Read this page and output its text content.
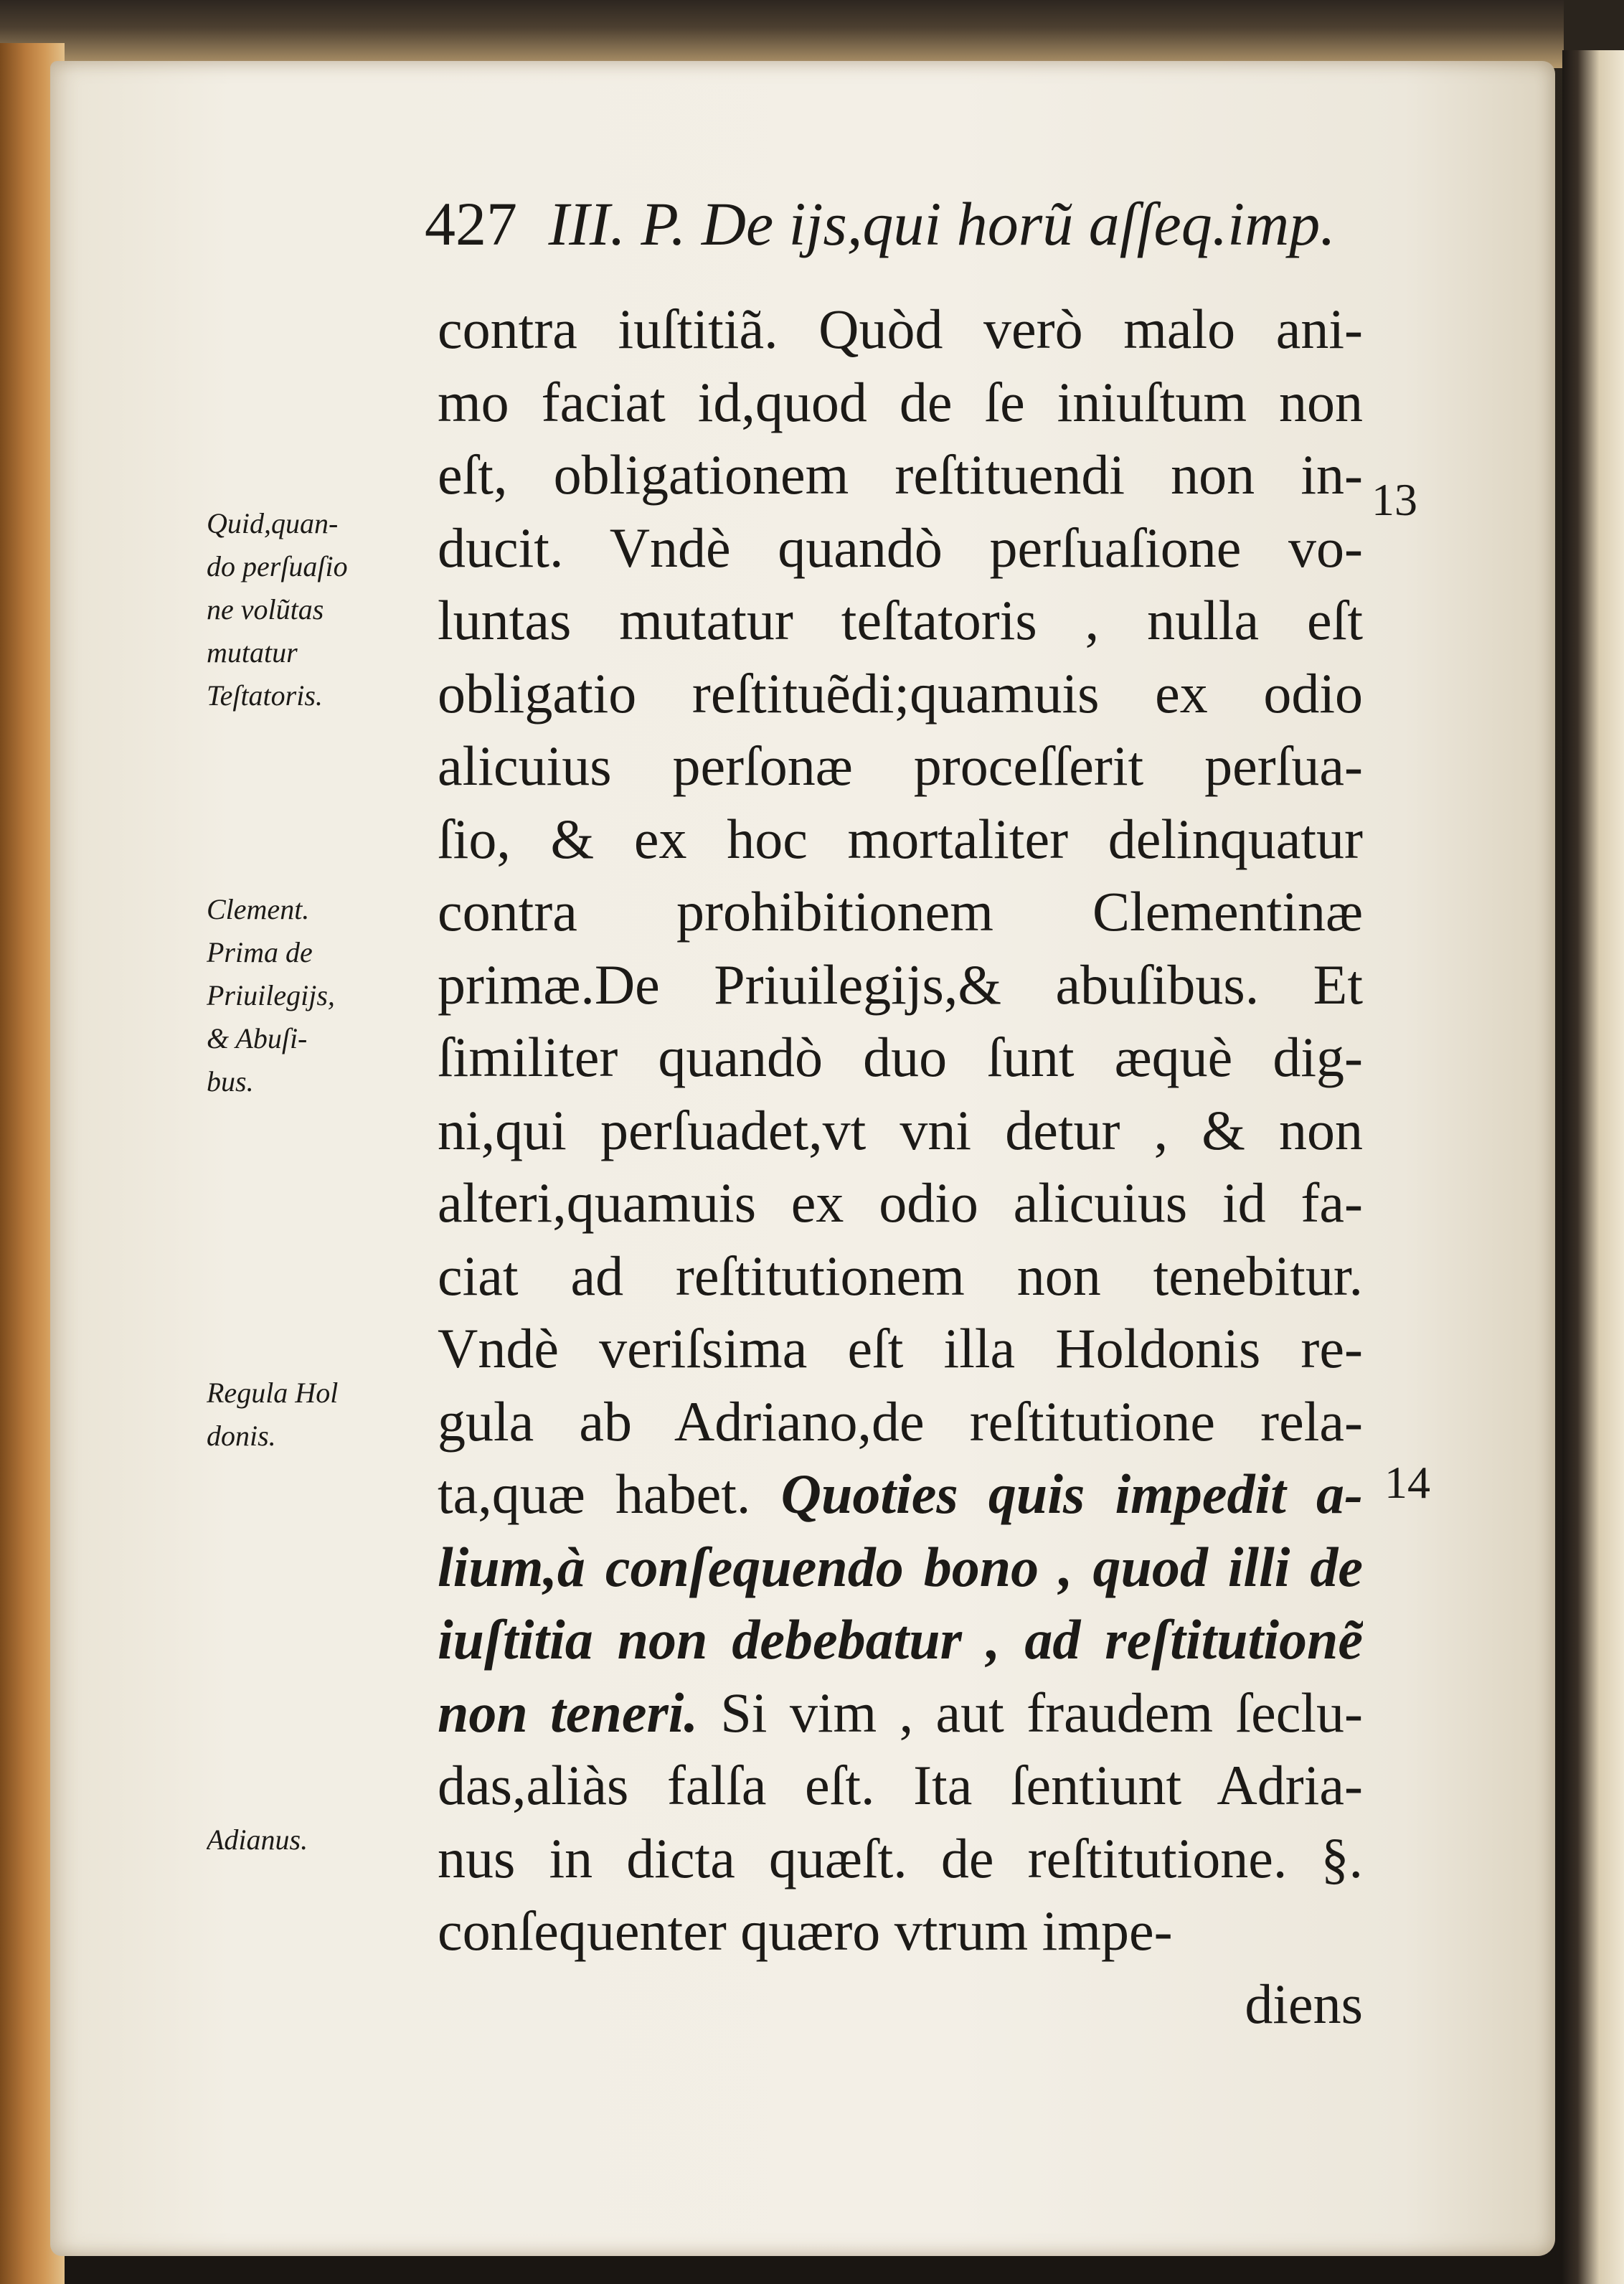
427 III. P. De ijs,qui horũ aſſeq.imp.
contra iuſtitiã. Quòd verò malo ani-
mo faciat id,quod de ſe iniuſtum non
eſt, obligationem reſtituendi non in-
ducit. Vndè quandò perſuaſione vo-
luntas mutatur teſtatoris , nulla eſt
obligatio reſtituẽdi;quamuis ex odio
alicuius perſonæ proceſſerit perſua-
ſio, & ex hoc mortaliter delinquatur
contra prohibitionem Clementinæ
primæ.De Priuilegijs,& abuſibus. Et
ſimiliter quandò duo ſunt æquè dig-
ni,qui perſuadet,vt vni detur , & non
alteri,quamuis ex odio alicuius id fa-
ciat ad reſtitutionem non tenebitur.
Vndè veriſsima eſt illa Holdonis re-
gula ab Adriano,de reſtitutione rela-
ta,quæ habet. Quoties quis impedit a-
lium,à conſequendo bono , quod illi de
iuſtitia non debebatur , ad reſtitutionẽ
non teneri. Si vim , aut fraudem ſeclu-
das,aliàs falſa eſt. Ita ſentiunt Adria-
nus in dicta quæſt. de reſtitutione. §.
conſequenter quæro vtrum impe-
diens
Quid,quan-
do perſuaſio
ne volũtas
mutatur
Teſtatoris.
Clement.
Prima de
Priuilegijs,
& Abuſi-
bus.
Regula Hol
donis.
Adianus.
13
14
